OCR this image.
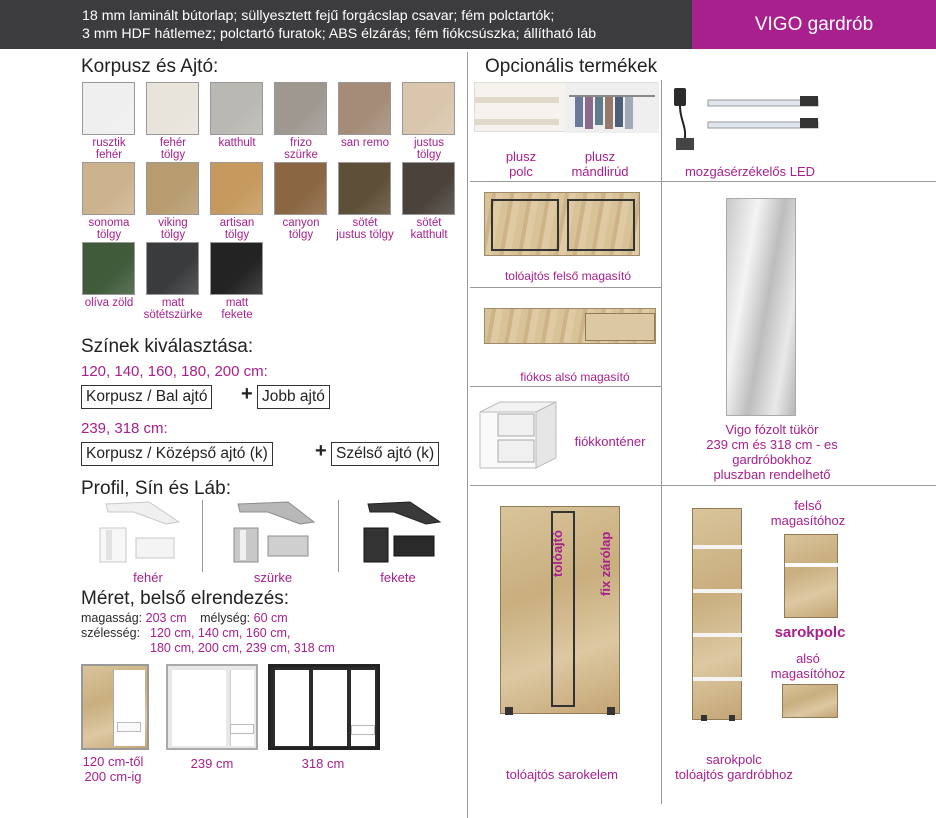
18 mm laminált bútorlap; süllyesztett fejű forgácslap csavar; fém polctartók;
3 mm HDF hátlemez; polctartó furatok; ABS élzárás; fém fiókcsúszka; állítható láb	VIGO gardrób
Korpusz és Ajtó:
rusztik
fehér
fehér
tölgy
katthult	frizo
szürke
san remo	justus
tölgy
sonoma
tölgy
viking
tölgy
artisan
tölgy
canyon
tölgy
sötét
justus tölgy
sötét
katthult
olíva zöld	matt
sötétszürke
matt
fekete
Színek kiválasztása:
120, 140, 160, 180, 200 cm:
Korpusz / Bal ajtó + Jobb ajtó
239, 318 cm:
Korpusz / Középső ajtó (k) + Szélső ajtó (k)
Profil, Sín és Láb:
fehér	szürke	fekete
Méret, belső elrendezés:
magasság: 203 cm mélység: 60 cm
szélesség: 120 cm, 140 cm, 160 cm,
180 cm, 200 cm, 239 cm, 318 cm
120 cm-től
200 cm-ig
239 cm	318 cm
Opcionális termékek
plusz
polc
plusz
mándlirúd	mozgásérzékelős LED
tolóajtós felső magasító
fiókos alsó magasító
fiókkonténer
Vigo fózolt tükör
239 cm és 318 cm - es
gardróbokhoz
pluszban rendelhető
tolóajtó	fix zárólap
tolóajtós sarokelem
felső
magasítóhoz
sarokpolc
alsó
magasítóhoz
sarokpolc
tolóajtós gardróbhoz
